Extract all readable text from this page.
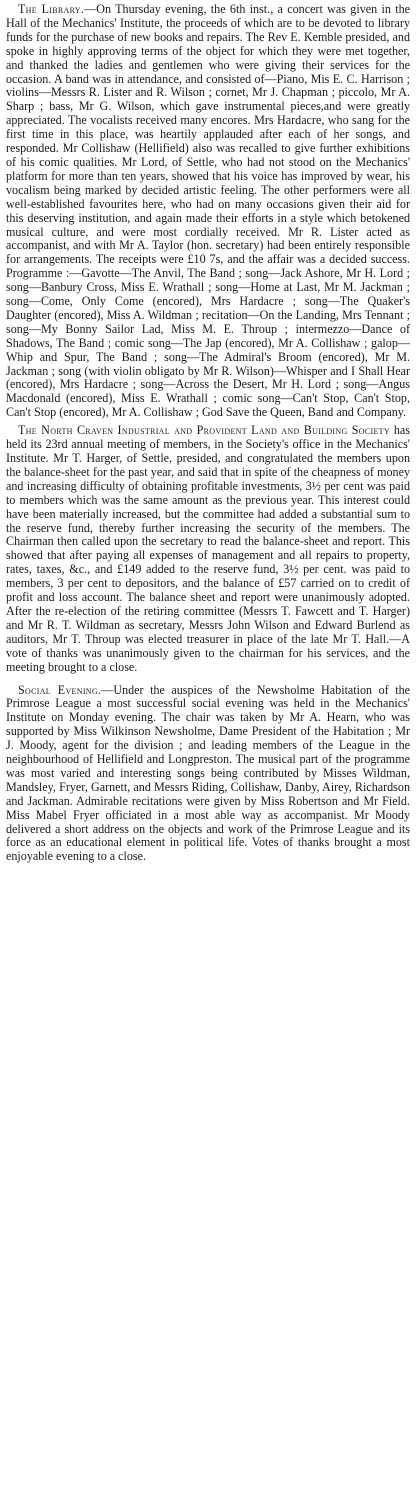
The Library.—On Thursday evening, the 6th inst., a concert was given in the Hall of the Mechanics' Institute, the proceeds of which are to be devoted to library funds for the purchase of new books and repairs. The Rev E. Kemble presided, and spoke in highly approving terms of the object for which they were met together, and thanked the ladies and gentlemen who were giving their services for the occasion. A band was in attendance, and consisted of—Piano, Mis E. C. Harrison ; violins—Messrs R. Lister and R. Wilson ; cornet, Mr J. Chapman ; piccolo, Mr A. Sharp ; bass, Mr G. Wilson, which gave instrumental pieces,and were greatly appreciated. The vocalists received many encores. Mrs Hardacre, who sang for the first time in this place, was heartily applauded after each of her songs, and responded. Mr Collishaw (Hellifield) also was recalled to give further exhibitions of his comic qualities. Mr Lord, of Settle, who had not stood on the Mechanics' platform for more than ten years, showed that his voice has improved by wear, his vocalism being marked by decided artistic feeling. The other performers were all well-established favourites here, who had on many occasions given their aid for this deserving institution, and again made their efforts in a style which betokened musical culture, and were most cordially received. Mr R. Lister acted as accompanist, and with Mr A. Taylor (hon. secretary) had been entirely responsible for arrangements. The receipts were £10 7s, and the affair was a decided success. Programme :—Gavotte—The Anvil, The Band ; song—Jack Ashore, Mr H. Lord ; song—Banbury Cross, Miss E. Wrathall ; song—Home at Last, Mr M. Jackman ; song—Come, Only Come (encored), Mrs Hardacre ; song—The Quaker's Daughter (encored), Miss A. Wildman ; recitation—On the Landing, Mrs Tennant ; song—My Bonny Sailor Lad, Miss M. E. Throup ; intermezzo—Dance of Shadows, The Band ; comic song—The Jap (encored), Mr A. Collishaw ; galop—Whip and Spur, The Band ; song—The Admiral's Broom (encored), Mr M. Jackman ; song (with violin obligato by Mr R. Wilson)—Whisper and I Shall Hear (encored), Mrs Hardacre ; song—Across the Desert, Mr H. Lord ; song—Angus Macdonald (encored), Miss E. Wrathall ; comic song—Can't Stop, Can't Stop, Can't Stop (encored), Mr A. Collishaw ; God Save the Queen, Band and Company.

The North Craven Industrial and Provident Land and Building Society has held its 23rd annual meeting of members, in the Society's office in the Mechanics' Institute. Mr T. Harger, of Settle, presided, and congratulated the members upon the balance-sheet for the past year, and said that in spite of the cheapness of money and increasing difficulty of obtaining profitable investments, 3½ per cent was paid to members which was the same amount as the previous year. This interest could have been materially increased, but the committee had added a substantial sum to the reserve fund, thereby further increasing the security of the members. The Chairman then called upon the secretary to read the balance-sheet and report. This showed that after paying all expenses of management and all repairs to property, rates, taxes, &c., and £149 added to the reserve fund, 3½ per cent. was paid to members, 3 per cent to depositors, and the balance of £57 carried on to credit of profit and loss account. The balance sheet and report were unanimously adopted. After the re-election of the retiring committee (Messrs T. Fawcett and T. Harger) and Mr R. T. Wildman as secretary, Messrs John Wilson and Edward Burlend as auditors, Mr T. Throup was elected treasurer in place of the late Mr T. Hall.—A vote of thanks was unanimously given to the chairman for his services, and the meeting brought to a close.

Social Evening.—Under the auspices of the Newsholme Habitation of the Primrose League a most successful social evening was held in the Mechanics' Institute on Monday evening. The chair was taken by Mr A. Hearn, who was supported by Miss Wilkinson Newsholme, Dame President of the Habitation ; Mr J. Moody, agent for the division ; and leading members of the League in the neighbourhood of Hellifield and Longpreston. The musical part of the programme was most varied and interesting songs being contributed by Misses Wildman, Mandsley, Fryer, Garnett, and Messrs Riding, Collishaw, Danby, Airey, Richardson and Jackman. Admirable recitations were given by Miss Robertson and Mr Field. Miss Mabel Fryer officiated in a most able way as accompanist. Mr Moody delivered a short address on the objects and work of the Primrose League and its force as an educational element in political life. Votes of thanks brought a most enjoyable evening to a close.
